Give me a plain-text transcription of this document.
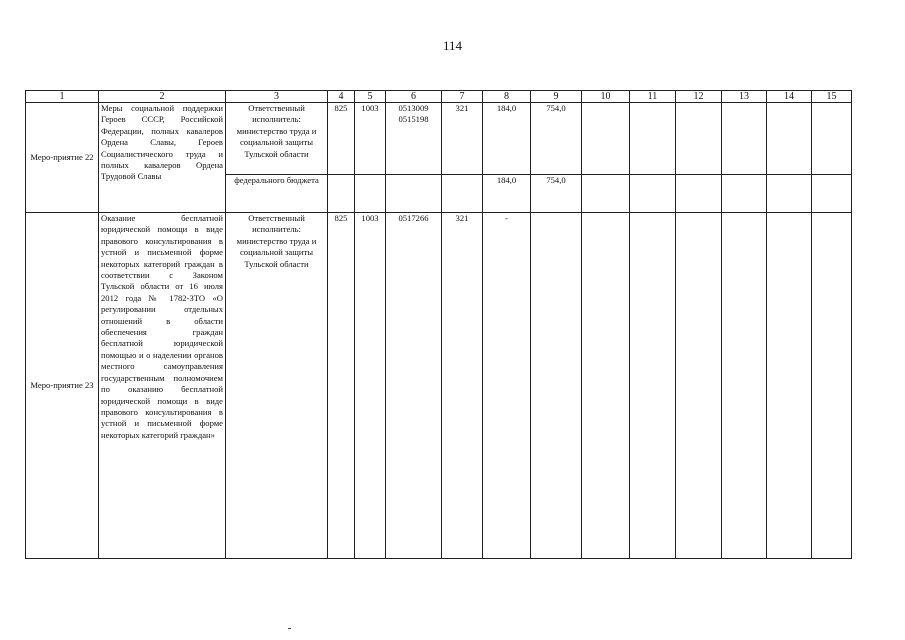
114
1	2	3	4	5	6	7	8	9	10	11	12	13	14	15
Меро-приятие 22	Меры социальной поддержки Героев СССР, Российской Федерации, полных кавалеров Ордена Славы, Героев Социалистического труда и полных кавалеров Ордена Трудовой Славы	Ответственный исполнитель: министерство труда и социальной защиты Тульской области	825	1003	0513009 0515198	321	184,0	754,0						
		федерального бюджета					184,0	754,0						
Меро-приятие 23	Оказание бесплатной юридической помощи в виде правового консультирования в устной и письменной форме некоторых категорий граждан в соответствии с Законом Тульской области от 16 июля 2012 года № 1782-ЗТО «О регулировании отдельных отношений в области обеспечения граждан бесплатной юридической помощью и о наделении органов местного самоуправления государственным полномочием по оказанию бесплатной юридической помощи в виде правового консультирования в устной и письменной форме некоторых категорий граждан»	Ответственный исполнитель: министерство труда и социальной защиты Тульской области	825	1003	0517266	321	-							
